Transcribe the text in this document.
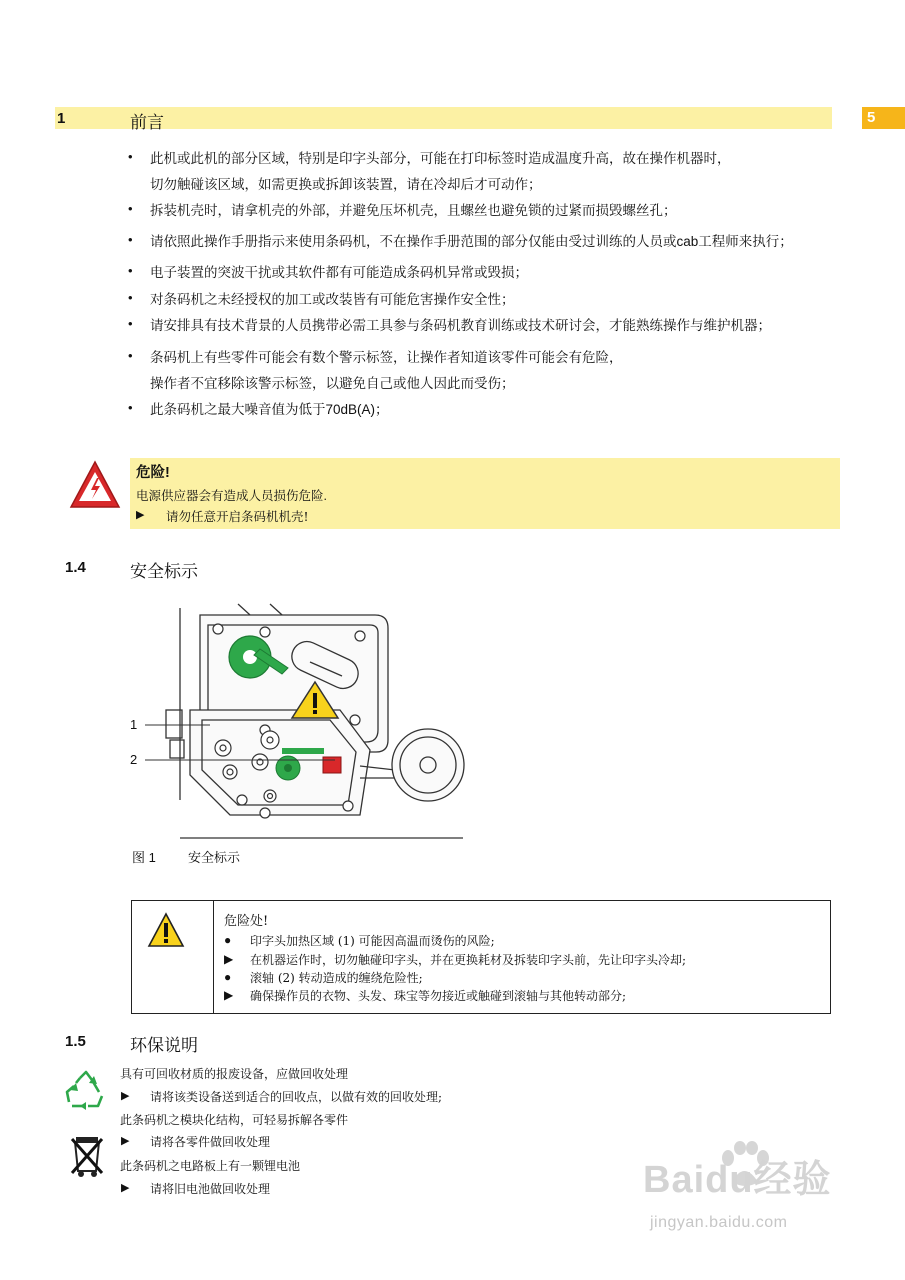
1	前言	5
• 此机或此机的部分区域，特别是印字头部分，可能在打印标签时造成温度升高，故在操作机器时，
切勿触碰该区域，如需更换或拆卸该装置，请在冷却后才可动作；
• 拆装机壳时，请拿机壳的外部，并避免压坏机壳，且螺丝也避免锁的过紧而损毁螺丝孔；
• 请依照此操作手册指示来使用条码机，不在操作手册范围的部分仅能由受过训练的人员或cab工程师来执行；
• 电子装置的突波干扰或其软件都有可能造成条码机异常或毁损；
• 对条码机之未经授权的加工或改装皆有可能危害操作安全性；
• 请安排具有技术背景的人员携带必需工具参与条码机教育训练或技术研讨会，才能熟练操作与维护机器；
• 条码机上有些零件可能会有数个警示标签，让操作者知道该零件可能会有危险，
操作者不宜移除该警示标签，以避免自己或他人因此而受伤；
• 此条码机之最大噪音值为低于70dB(A)；
危险!
电源供应器会有造成人员损伤危险.
▶ 请勿任意开启条码机机壳!
1.4	安全标示
1
2
图 1 安全标示
危险处!
● 印字头加热区域 (1) 可能因高温而烫伤的风险;
▶ 在机器运作时，切勿触碰印字头，并在更换耗材及拆装印字头前，先让印字头冷却;
● 滚轴 (2) 转动造成的缠绕危险性;
▶ 确保操作员的衣物、头发、珠宝等勿接近或触碰到滚轴与其他转动部分;
1.5	环保说明
具有可回收材质的报废设备，应做回收处理
▶ 请将该类设备送到适合的回收点，以做有效的回收处理;
此条码机之模块化结构，可轻易拆解各零件
▶ 请将各零件做回收处理
此条码机之电路板上有一颗锂电池
▶ 请将旧电池做回收处理	Baidu经验
jingyan.baidu.com
